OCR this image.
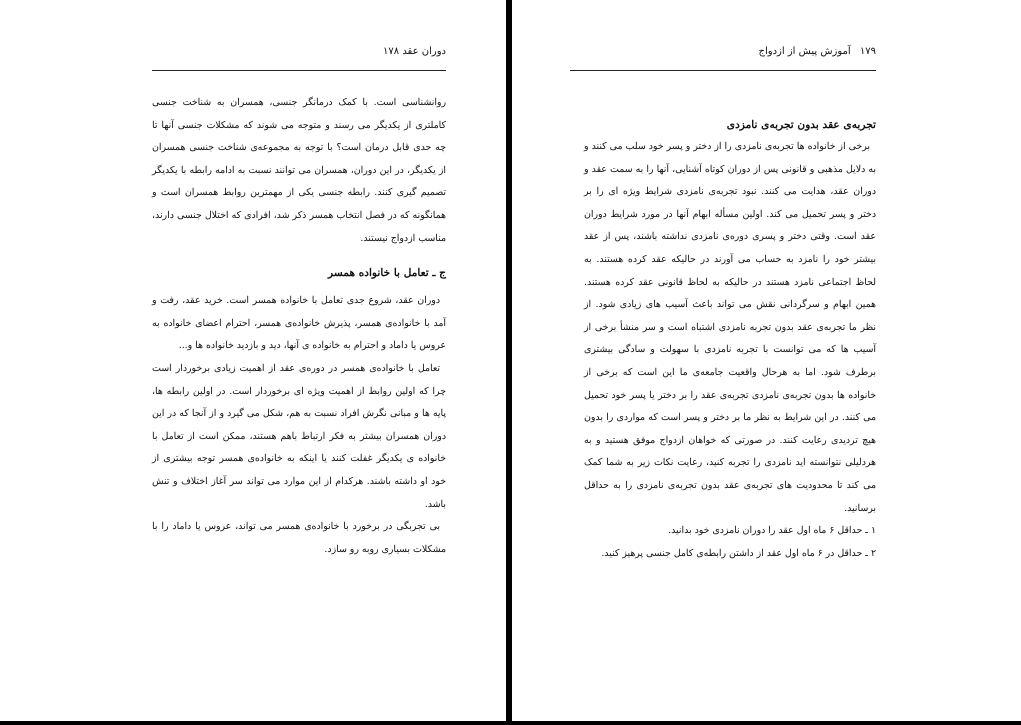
دوران عقد ۱۷۸

روانشناسی است. با کمک درمانگر جنسی، همسران به شناخت جنسی کاملتری از یکدیگر می رسند و متوجه می شوند که مشکلات جنسی آنها تا چه حدی قابل درمان است؟ با توجه به مجموعه‌ی شناخت جنسی همسران از یکدیگر، در این دوران، همسران می توانند نسبت به ادامه رابطه با یکدیگر تصمیم گیری کنند. رابطه جنسی یکی از مهمترین روابط همسران است و همانگونه که در فصل انتخاب همسر ذکر شد، افرادی که اختلال جنسی دارند، مناسب ازدواج نیستند.

ج ـ تعامل با خانواده همسر

دوران عقد، شروع جدی تعامل با خانواده همسر است. خرید عقد، رفت و آمد با خانواده‌ی همسر، پذیرش خانواده‌ی همسر، احترام اعضای خانواده به عروس یا داماد و احترام به خانواده ی آنها، دید و بازدید خانواده ها و...

تعامل با خانواده‌ی همسر در دوره‌ی عقد از اهمیت زیادی برخوردار است چرا که اولین روابط از اهمیت ویژه ای برخوردار است. در اولین رابطه ها، پایه ها و مبانی نگرش افراد نسبت به هم، شکل می گیرد و از آنجا که در این دوران همسران بیشتر به فکر ارتباط باهم هستند، ممکن است از تعامل با خانواده ی یکدیگر غفلت کنند یا اینکه به خانواده‌ی همسر توجه بیشتری از خود او داشته باشند. هرکدام از این موارد می تواند سر آغاز اختلاف و تنش باشد.

بی تجربگی در برخورد با خانواده‌ی همسر می تواند، عروس یا داماد را با مشکلات بسیاری روبه رو سازد.

۱۷۹ آموزش پیش از ازدواج

تجربه‌ی عقد بدون تجربه‌ی نامزدی

برخی از خانواده ها تجربه‌ی نامزدی را از دختر و پسر خود سلب می کنند و به دلایل مذهبی و قانونی پس از دوران کوتاه آشنایی، آنها را به سمت عقد و دوران عقد، هدایت می کنند. نبود تجربه‌ی نامزدی شرایط ویژه ای را بر دختر و پسر تحمیل می کند. اولین مسأله ابهام آنها در مورد شرایط دوران عقد است. وقتی دختر و پسری دوره‌ی نامزدی نداشته باشند، پس از عقد بیشتر خود را نامزد به حساب می آورند در حالیکه عقد کرده هستند. به لحاظ اجتماعی نامزد هستند در حالیکه به لحاظ قانونی عقد کرده هستند. همین ابهام و سرگردانی نقش می تواند باعث آسیب های زیادی شود. از نظر ما تجربه‌ی عقد بدون تجربه نامزدی اشتباه است و سر منشأ برخی از آسیب ها که می توانست با تجربه نامزدی با سهولت و سادگی بیشتری برطرف شود. اما به هرحال واقعیت جامعه‌ی ما این است که برخی از خانواده ها بدون تجربه‌ی نامزدی تجربه‌ی عقد را بر دختر یا پسر خود تحمیل می کنند. در این شرایط به نظر ما بر دختر و پسر است که مواردی را بدون هیچ تردیدی رعایت کنند. در صورتی که خواهان ازدواج موفق هستید و به هردلیلی نتوانسته اید نامزدی را تجربه کنید، رعایت نکات زیر به شما کمک می کند تا محدودیت های تجربه‌ی عقد بدون تجربه‌ی نامزدی را به حداقل برسانید.

۱ ـ حداقل ۶ ماه اول عقد را دوران نامزدی خود بدانید.

۲ ـ حداقل در ۶ ماه اول عقد از داشتن رابطه‌ی کامل جنسی پرهیز کنید.
